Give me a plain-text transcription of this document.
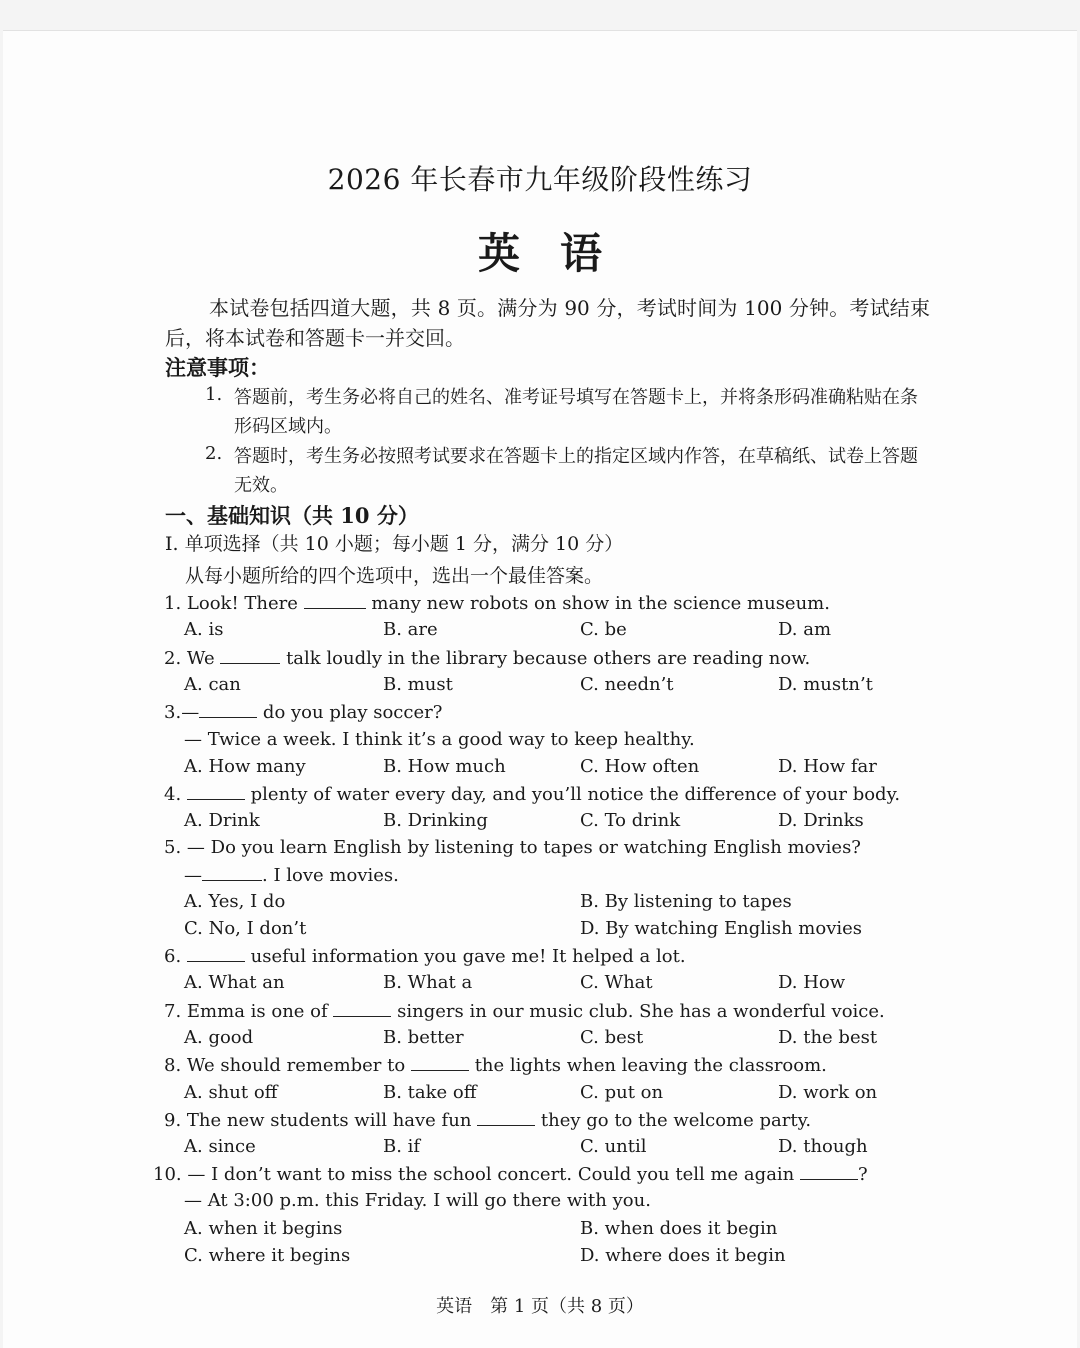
2026 年长春市九年级阶段性练习
英语
本试卷包括四道大题，共 8 页。满分为 90 分，考试时间为 100 分钟。考试结束后，将本试卷和答题卡一并交回。
注意事项：
1. 答题前，考生务必将自己的姓名、准考证号填写在答题卡上，并将条形码准确粘贴在条形码区域内。
2. 答题时，考生务必按照考试要求在答题卡上的指定区域内作答，在草稿纸、试卷上答题无效。
一、基础知识（共 10 分）
I. 单项选择（共 10 小题；每小题 1 分，满分 10 分）
从每小题所给的四个选项中，选出一个最佳答案。
1. Look! There	many new robots on show in the science museum.
A. is	B. are	C. be	D. am
2. We	talk loudly in the library because others are reading now.
A. can	B. must	C. needn’t	D. mustn’t
3.—	do you play soccer?
— Twice a week. I think it’s a good way to keep healthy.
A. How many	B. How much	C. How often	D. How far
4.	plenty of water every day, and you’ll notice the difference of your body.
A. Drink	B. Drinking	C. To drink	D. Drinks
5. — Do you learn English by listening to tapes or watching English movies?
—	. I love movies.
A. Yes, I do	B. By listening to tapes
C. No, I don’t	D. By watching English movies
6.	useful information you gave me! It helped a lot.
A. What an	B. What a	C. What	D. How
7. Emma is one of	singers in our music club. She has a wonderful voice.
A. good	B. better	C. best	D. the best
8. We should remember to	the lights when leaving the classroom.
A. shut off	B. take off	C. put on	D. work on
9. The new students will have fun	they go to the welcome party.
A. since	B. if	C. until	D. though
10. — I don’t want to miss the school concert. Could you tell me again	?
— At 3:00 p.m. this Friday. I will go there with you.
A. when it begins	B. when does it begin
C. where it begins	D. where does it begin
英语　第 1 页（共 8 页）
